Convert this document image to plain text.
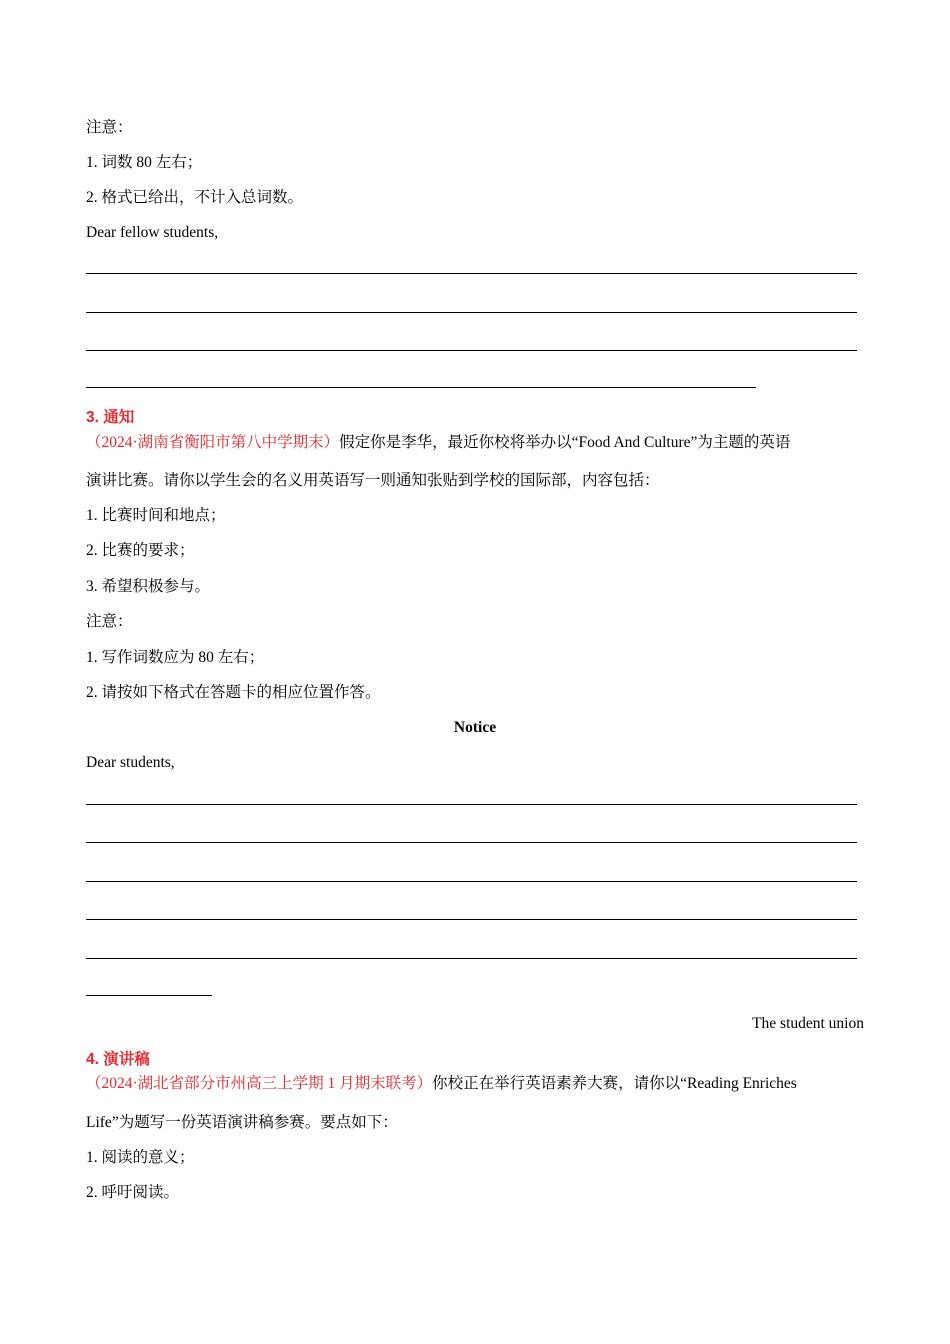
注意：
1. 词数 80 左右；
2. 格式已给出，不计入总词数。
Dear fellow students,
3. 通知
（2024·湖南省衡阳市第八中学期末）假定你是李华，最近你校将举办以“Food And Culture”为主题的英语
演讲比赛。请你以学生会的名义用英语写一则通知张贴到学校的国际部，内容包括：
1. 比赛时间和地点；
2. 比赛的要求；
3. 希望积极参与。
注意：
1. 写作词数应为 80 左右；
2. 请按如下格式在答题卡的相应位置作答。
Notice
Dear students,
The student union
4. 演讲稿
（2024·湖北省部分市州高三上学期 1 月期末联考）你校正在举行英语素养大赛，请你以“Reading Enriches
Life”为题写一份英语演讲稿参赛。要点如下：
1. 阅读的意义；
2. 呼吁阅读。
